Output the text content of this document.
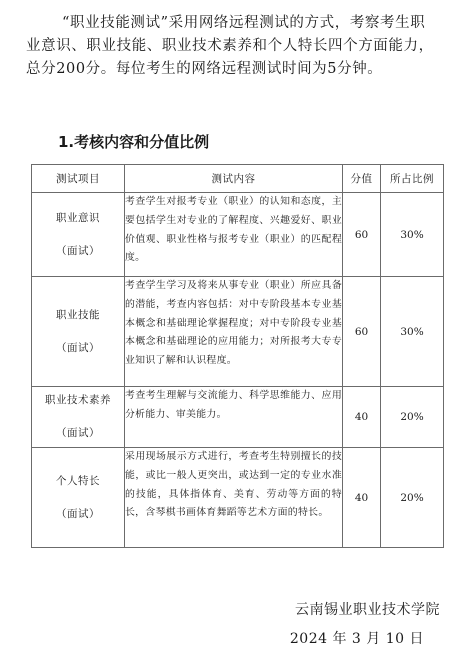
“职业技能测试”采用网络远程测试的方式，考察考生职业意识、职业技能、职业技术素养和个人特长四个方面能力，总分200分。每位考生的网络远程测试时间为5分钟。

1.考核内容和分值比例
测试项目	测试内容	分值	所占比例

职业意识
（面试）	考查学生对报考专业（职业）的认知和态度，主要包括学生对专业的了解程度、兴趣爱好、职业价值观、职业性格与报考专业（职业）的匹配程度。	60	30%

职业技能
（面试）	考查学生学习及将来从事专业（职业）所应具备的潜能，考查内容包括：对中专阶段基本专业基本概念和基础理论掌握程度；对中专阶段专业基本概念和基础理论的应用能力；对所报考大专专业知识了解和认识程度。	60	30%

职业技术素养
（面试）	考查考生理解与交流能力、科学思维能力、应用分析能力、审美能力。	40	20%

个人特长
（面试）	采用现场展示方式进行，考查考生特别擅长的技能，或比一般人更突出，或达到一定的专业水准的技能，具体指体育、美育、劳动等方面的特长，含琴棋书画体育舞蹈等艺术方面的特长。	40	20%
云南锡业职业技术学院
2024 年 3 月 10 日
